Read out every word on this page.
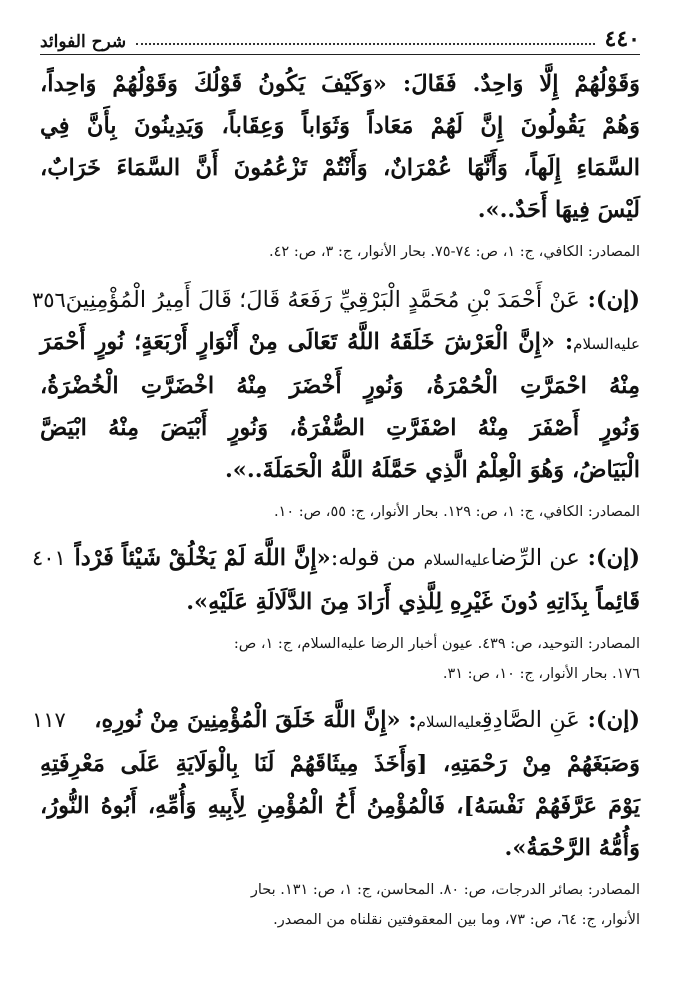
٤٤٠
شرح الفوائد
وَقَوْلُهُمْ إِلَّا وَاحِدٌ. فَقَالَ: «وَكَيْفَ يَكُونُ قَوْلُكَ وَقَوْلُهُمْ وَاحِداً،
وَهُمْ يَقُولُونَ إِنَّ لَهُمْ مَعَاداً وَثَوَاباً وَعِقَاباً، وَيَدِينُونَ بِأَنَّ فِي
السَّمَاءِ إِلَهاً، وَأَنَّهَا عُمْرَانٌ، وَأَنْتُمْ تَزْعُمُونَ أَنَّ السَّمَاءَ خَرَابٌ،
لَيْسَ فِيهَا أَحَدٌ..».
المصادر: الكافي، ج: ١، ص: ٧٤-٧٥. بحار الأنوار، ج: ٣، ص: ٤٢.
٣٥٦	(إن): عَنْ أَحْمَدَ بْنِ مُحَمَّدٍ الْبَرْقِيِّ رَفَعَهُ قَالَ؛ قَالَ أَمِيرُ الْمُؤْمِنِينَ
عليه‌السلام: «إِنَّ الْعَرْشَ خَلَقَهُ اللَّهُ تَعَالَى مِنْ أَنْوَارٍ أَرْبَعَةٍ؛ نُورٍ أَحْمَرَ
مِنْهُ احْمَرَّتِ الْحُمْرَةُ، وَنُورٍ أَخْضَرَ مِنْهُ اخْضَرَّتِ الْخُضْرَةُ،
وَنُورٍ أَصْفَرَ مِنْهُ اصْفَرَّتِ الصُّفْرَةُ، وَنُورٍ أَبْيَضَ مِنْهُ ابْيَضَّ
الْبَيَاضُ، وَهُوَ الْعِلْمُ الَّذِي حَمَّلَهُ اللَّهُ الْحَمَلَةَ..».
المصادر: الكافي، ج: ١، ص: ١٢٩. بحار الأنوار، ج: ٥٥، ص: ١٠.
٤٠١	(إن): عن الرِّضاعليه‌السلام من قوله:«إِنَّ اللَّهَ لَمْ يَخْلُقْ شَيْئاً فَرْداً
قَائِماً بِذَاتِهِ دُونَ غَيْرِهِ لِلَّذِي أَرَادَ مِنَ الدَّلَالَةِ عَلَيْهِ».
المصادر: التوحيد، ص: ٤٣٩. عيون أخبار الرضا عليه‌السلام، ج: ١، ص:
١٧٦. بحار الأنوار، ج: ١٠، ص: ٣١.
١١٧	(إن): عَنِ الصَّادِقِعليه‌السلام: «إِنَّ اللَّهَ خَلَقَ الْمُؤْمِنِينَ مِنْ نُورِهِ،
وَصَبَغَهُمْ مِنْ رَحْمَتِهِ، [وَأَخَذَ مِيثَاقَهُمْ لَنَا بِالْوَلَايَةِ عَلَى مَعْرِفَتِهِ
يَوْمَ عَرَّفَهُمْ نَفْسَهُ]، فَالْمُؤْمِنُ أَخُ الْمُؤْمِنِ لِأَبِيهِ وَأُمِّهِ، أَبُوهُ النُّورُ،
وَأُمُّهُ الرَّحْمَةُ».
المصادر: بصائر الدرجات، ص: ٨٠. المحاسن، ج: ١، ص: ١٣١. بحار
الأنوار، ج: ٦٤، ص: ٧٣، وما بين المعقوفتين نقلناه من المصدر.
